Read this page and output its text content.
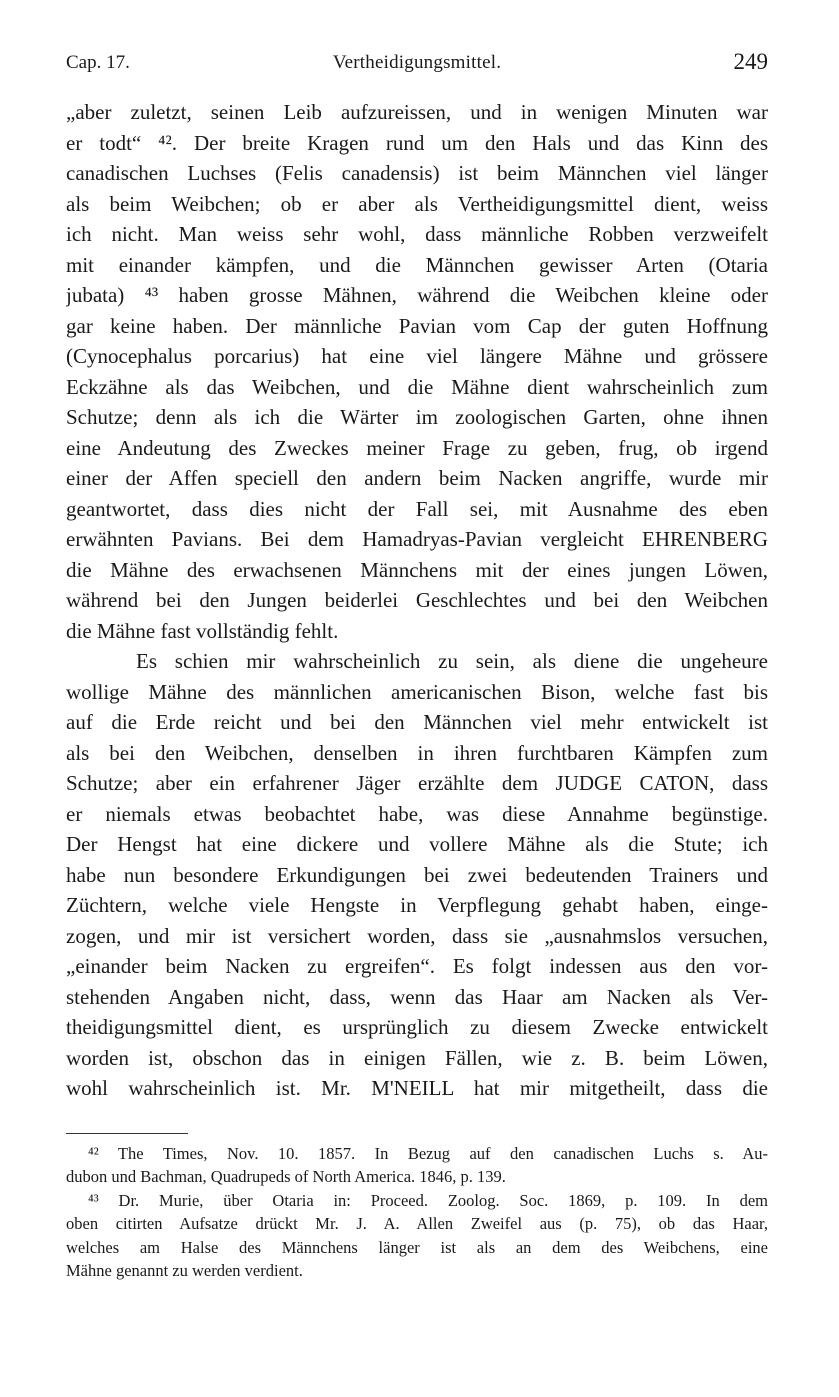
Cap. 17.	Vertheidigungsmittel.	249
„aber zuletzt, seinen Leib aufzureissen, und in wenigen Minuten war
er todt“ ⁴². Der breite Kragen rund um den Hals und das Kinn des
canadischen Luchses (Felis canadensis) ist beim Männchen viel länger
als beim Weibchen; ob er aber als Vertheidigungsmittel dient, weiss
ich nicht. Man weiss sehr wohl, dass männliche Robben verzweifelt
mit einander kämpfen, und die Männchen gewisser Arten (Otaria
jubata) ⁴³ haben grosse Mähnen, während die Weibchen kleine oder
gar keine haben. Der männliche Pavian vom Cap der guten Hoffnung
(Cynocephalus porcarius) hat eine viel längere Mähne und grössere
Eckzähne als das Weibchen, und die Mähne dient wahrscheinlich zum
Schutze; denn als ich die Wärter im zoologischen Garten, ohne ihnen
eine Andeutung des Zweckes meiner Frage zu geben, frug, ob irgend
einer der Affen speciell den andern beim Nacken angriffe, wurde mir
geantwortet, dass dies nicht der Fall sei, mit Ausnahme des eben
erwähnten Pavians. Bei dem Hamadryas-Pavian vergleicht EHRENBERG
die Mähne des erwachsenen Männchens mit der eines jungen Löwen,
während bei den Jungen beiderlei Geschlechtes und bei den Weibchen
die Mähne fast vollständig fehlt.
Es schien mir wahrscheinlich zu sein, als diene die ungeheure
wollige Mähne des männlichen americanischen Bison, welche fast bis
auf die Erde reicht und bei den Männchen viel mehr entwickelt ist
als bei den Weibchen, denselben in ihren furchtbaren Kämpfen zum
Schutze; aber ein erfahrener Jäger erzählte dem JUDGE CATON, dass
er niemals etwas beobachtet habe, was diese Annahme begünstige.
Der Hengst hat eine dickere und vollere Mähne als die Stute; ich
habe nun besondere Erkundigungen bei zwei bedeutenden Trainers und
Züchtern, welche viele Hengste in Verpflegung gehabt haben, einge-
zogen, und mir ist versichert worden, dass sie „ausnahmslos versuchen,
„einander beim Nacken zu ergreifen“. Es folgt indessen aus den vor-
stehenden Angaben nicht, dass, wenn das Haar am Nacken als Ver-
theidigungsmittel dient, es ursprünglich zu diesem Zwecke entwickelt
worden ist, obschon das in einigen Fällen, wie z. B. beim Löwen,
wohl wahrscheinlich ist. Mr. M'NEILL hat mir mitgetheilt, dass die
⁴² The Times, Nov. 10. 1857. In Bezug auf den canadischen Luchs s. Au-
dubon und Bachman, Quadrupeds of North America. 1846, p. 139.
⁴³ Dr. Murie, über Otaria in: Proceed. Zoolog. Soc. 1869, p. 109. In dem
oben citirten Aufsatze drückt Mr. J. A. Allen Zweifel aus (p. 75), ob das Haar,
welches am Halse des Männchens länger ist als an dem des Weibchens, eine
Mähne genannt zu werden verdient.
